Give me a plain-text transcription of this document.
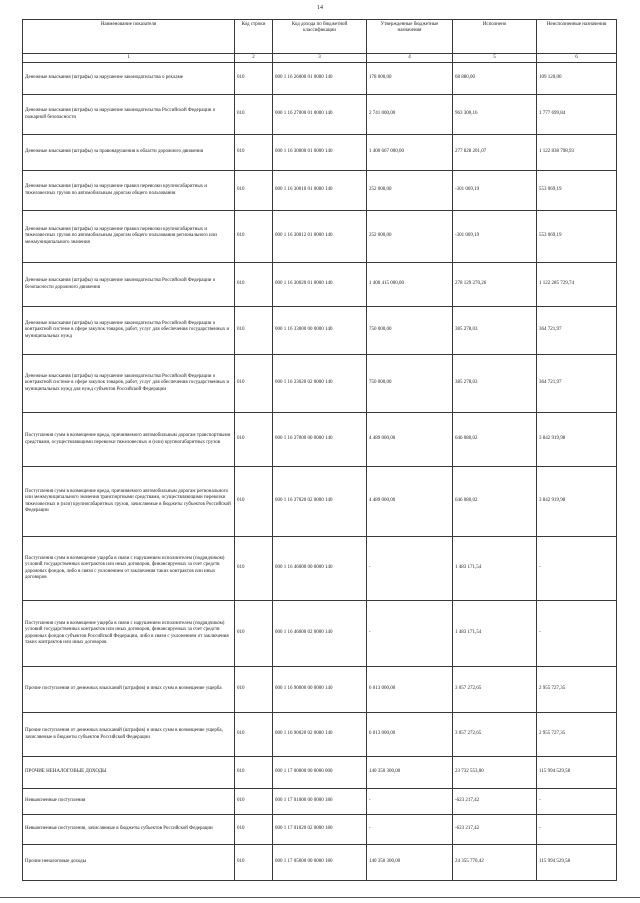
14
Наименование показателя	Код строки	Код дохода по бюджетной классификации	Утвержденные бюджетные назначения	Исполнено	Неисполненные назначения
1	2	3	4	5	6
Денежные взыскания (штрафы) за нарушение законодательства о рекламе	010	000 1 16 26000 01 0000 140	178 000,00	68 880,00	109 120,00
Денежные взыскания (штрафы) за нарушение законодательства Российской Федерации о пожарной безопасности	010	000 1 16 27000 01 0000 140	2 741 000,00	963 300,16	1 777 699,84
Денежные взыскания (штрафы) за правонарушения в области дорожного движения	010	000 1 16 30000 01 0000 140	1 400 667 000,00	277 828 201,07	1 122 838 798,93
Денежные взыскания (штрафы) за нарушение правил перевозки крупногабаритных и тяжеловесных грузов по автомобильным дорогам общего пользования	010	000 1 16 30010 01 0000 140	252 000,00	-301 069,19	553 069,19
Денежные взыскания (штрафы) за нарушение правил перевозки крупногабаритных и тяжеловесных грузов по автомобильным дорогам общего пользования регионального или межмуниципального значения	010	000 1 16 30012 01 0000 140	252 000,00	-301 069,19	553 069,19
Денежные взыскания (штрафы) за нарушение законодательства Российской Федерации о безопасности дорожного движения	010	000 1 16 30020 01 0000 140	1 400 415 000,00	278 129 270,26	1 122 285 729,74
Денежные взыскания (штрафы) за нарушение законодательства Российской Федерации о контрактной системе в сфере закупок товаров, работ, услуг для обеспечения государственных и муниципальных нужд	010	000 1 16 33000 00 0000 140	750 000,00	385 278,03	364 721,97
Денежные взыскания (штрафы) за нарушение законодательства Российской Федерации о контрактной системе в сфере закупок товаров, работ, услуг для обеспечения государственных и муниципальных нужд для нужд субъектов Российской Федерации	010	000 1 16 33020 02 0000 140	750 000,00	385 278,03	364 721,97
Поступления сумм в возмещение вреда, причиняемого автомобильным дорогам транспортными средствами, осуществляющими перевозки тяжеловесных и (или) крупногабаритных грузов	010	000 1 16 37000 00 0000 140	4 489 000,00	646 080,02	3 842 919,98
Поступления сумм в возмещение вреда, причиняемого автомобильным дорогам регионального или межмуниципального значения транспортными средствами, осуществляющими перевозки тяжеловесных и (или) крупногабаритных грузов, зачисляемые в бюджеты субъектов Российской Федерации	010	000 1 16 37020 02 0000 140	4 489 000,00	646 080,02	3 842 919,98
Поступления сумм в возмещение ущерба в связи с нарушением исполнителем (подрядчиком) условий государственных контрактов или иных договоров, финансируемых за счет средств дорожных фондов, либо в связи с уклонением от заключения таких контрактов или иных договоров	010	000 1 16 46000 00 0000 140	-	1 483 171,54	-
Поступления сумм в возмещение ущерба в связи с нарушением исполнителем (подрядчиком) условий государственных контрактов или иных договоров, финансируемых за счет средств дорожных фондов субъектов Российской Федерации, либо в связи с уклонением от заключения таких контрактов или иных договоров	010	000 1 16 46000 02 0000 140	-	1 483 171,54	-
Прочие поступления от денежных взысканий (штрафов) и иных сумм в возмещение ущерба	010	000 1 16 90000 00 0000 140	6 013 000,00	3 057 272,65	2 955 727,35
Прочие поступления от денежных взысканий (штрафов) и иных сумм в возмещение ущерба, зачисляемые в бюджеты субъектов Российской Федерации	010	000 1 16 90020 02 0000 140	6 013 000,00	3 057 272,65	2 955 727,35
ПРОЧИЕ НЕНАЛОГОВЫЕ ДОХОДЫ	010	000 1 17 00000 00 0000 000	140 350 300,00	23 732 553,00	115 994 529,58
Невыясненные поступления	010	000 1 17 01000 00 0000 180	-	-623 217,42	-
Невыясненные поступления, зачисляемые в бюджеты субъектов Российской Федерации	010	000 1 17 01020 02 0000 180	-	-623 217,42	-
Прочие неналоговые доходы	010	000 1 17 05000 00 0000 180	140 350 300,00	24 355 770,42	115 994 529,58
